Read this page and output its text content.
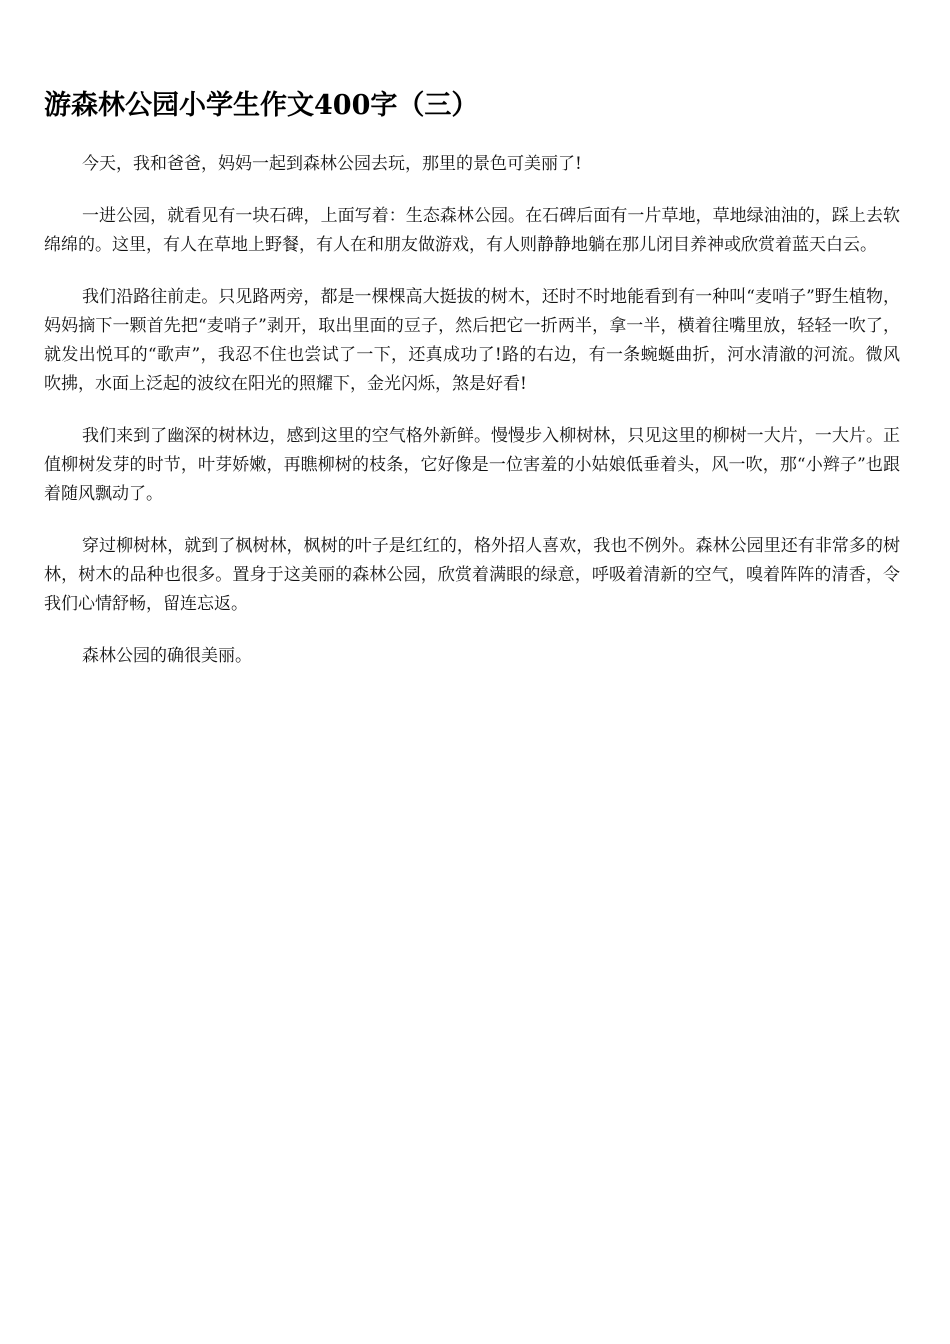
游森林公园小学生作文400字（三）

今天，我和爸爸，妈妈一起到森林公园去玩，那里的景色可美丽了!

一进公园，就看见有一块石碑，上面写着：生态森林公园。在石碑后面有一片草地，草地绿油油的，踩上去软绵绵的。这里，有人在草地上野餐，有人在和朋友做游戏，有人则静静地躺在那儿闭目养神或欣赏着蓝天白云。

我们沿路往前走。只见路两旁，都是一棵棵高大挺拔的树木，还时不时地能看到有一种叫“麦哨子”野生植物，妈妈摘下一颗首先把“麦哨子”剥开，取出里面的豆子，然后把它一折两半，拿一半，横着往嘴里放，轻轻一吹了，就发出悦耳的“歌声”，我忍不住也尝试了一下，还真成功了!路的右边，有一条蜿蜒曲折，河水清澈的河流。微风吹拂，水面上泛起的波纹在阳光的照耀下，金光闪烁，煞是好看!

我们来到了幽深的树林边，感到这里的空气格外新鲜。慢慢步入柳树林，只见这里的柳树一大片，一大片。正值柳树发芽的时节，叶芽娇嫩，再瞧柳树的枝条，它好像是一位害羞的小姑娘低垂着头，风一吹，那“小辫子”也跟着随风飘动了。

穿过柳树林，就到了枫树林，枫树的叶子是红红的，格外招人喜欢，我也不例外。森林公园里还有非常多的树林，树木的品种也很多。置身于这美丽的森林公园，欣赏着满眼的绿意，呼吸着清新的空气，嗅着阵阵的清香，令我们心情舒畅，留连忘返。

森林公园的确很美丽。
